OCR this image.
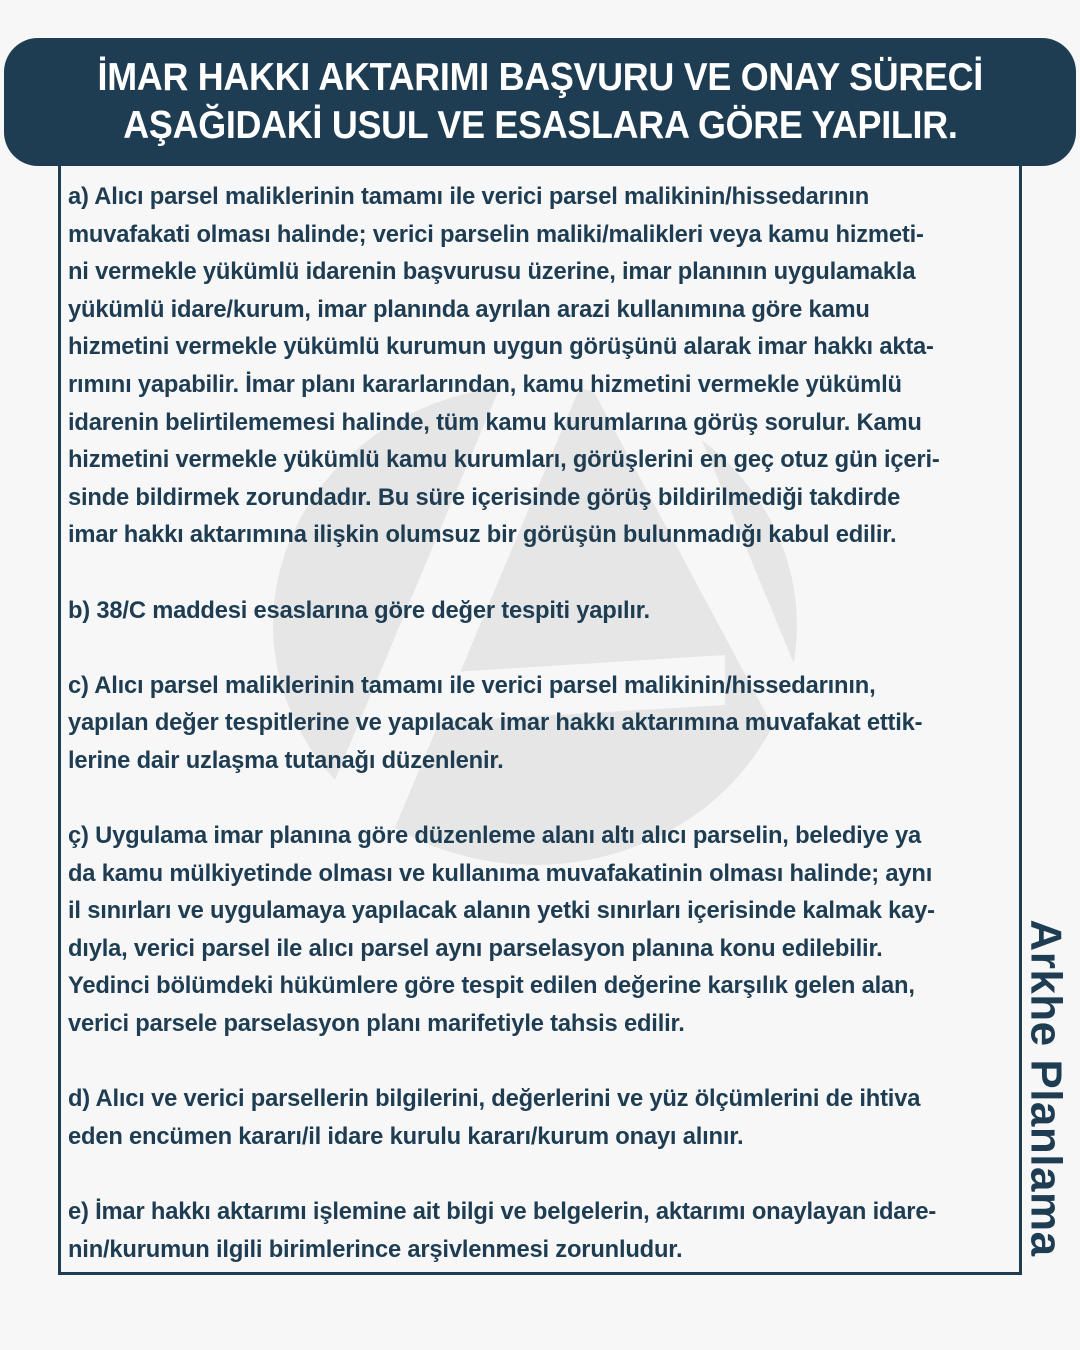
İMAR HAKKI AKTARIMI BAŞVURU VE ONAY SÜRECİ
AŞAĞIDAKİ USUL VE ESASLARA GÖRE YAPILIR.
a) Alıcı parsel maliklerinin tamamı ile verici parsel malikinin/hissedarının
muvafakati olması halinde; verici parselin maliki/malikleri veya kamu hizmeti-
ni vermekle yükümlü idarenin başvurusu üzerine, imar planının uygulamakla
yükümlü idare/kurum, imar planında ayrılan arazi kullanımına göre kamu
hizmetini vermekle yükümlü kurumun uygun görüşünü alarak imar hakkı akta-
rımını yapabilir. İmar planı kararlarından, kamu hizmetini vermekle yükümlü
idarenin belirtilememesi halinde, tüm kamu kurumlarına görüş sorulur. Kamu
hizmetini vermekle yükümlü kamu kurumları, görüşlerini en geç otuz gün içeri-
sinde bildirmek zorundadır. Bu süre içerisinde görüş bildirilmediği takdirde
imar hakkı aktarımına ilişkin olumsuz bir görüşün bulunmadığı kabul edilir.
b) 38/C maddesi esaslarına göre değer tespiti yapılır.
c) Alıcı parsel maliklerinin tamamı ile verici parsel malikinin/hissedarının,
yapılan değer tespitlerine ve yapılacak imar hakkı aktarımına muvafakat ettik-
lerine dair uzlaşma tutanağı düzenlenir.
ç) Uygulama imar planına göre düzenleme alanı altı alıcı parselin, belediye ya
da kamu mülkiyetinde olması ve kullanıma muvafakatinin olması halinde; aynı
il sınırları ve uygulamaya yapılacak alanın yetki sınırları içerisinde kalmak kay-
dıyla, verici parsel ile alıcı parsel aynı parselasyon planına konu edilebilir.
Yedinci bölümdeki hükümlere göre tespit edilen değerine karşılık gelen alan,
verici parsele parselasyon planı marifetiyle tahsis edilir.
d) Alıcı ve verici parsellerin bilgilerini, değerlerini ve yüz ölçümlerini de ihtiva
eden encümen kararı/il idare kurulu kararı/kurum onayı alınır.
e) İmar hakkı aktarımı işlemine ait bilgi ve belgelerin, aktarımı onaylayan idare-
nin/kurumun ilgili birimlerince arşivlenmesi zorunludur.	Arkhe Planlama
